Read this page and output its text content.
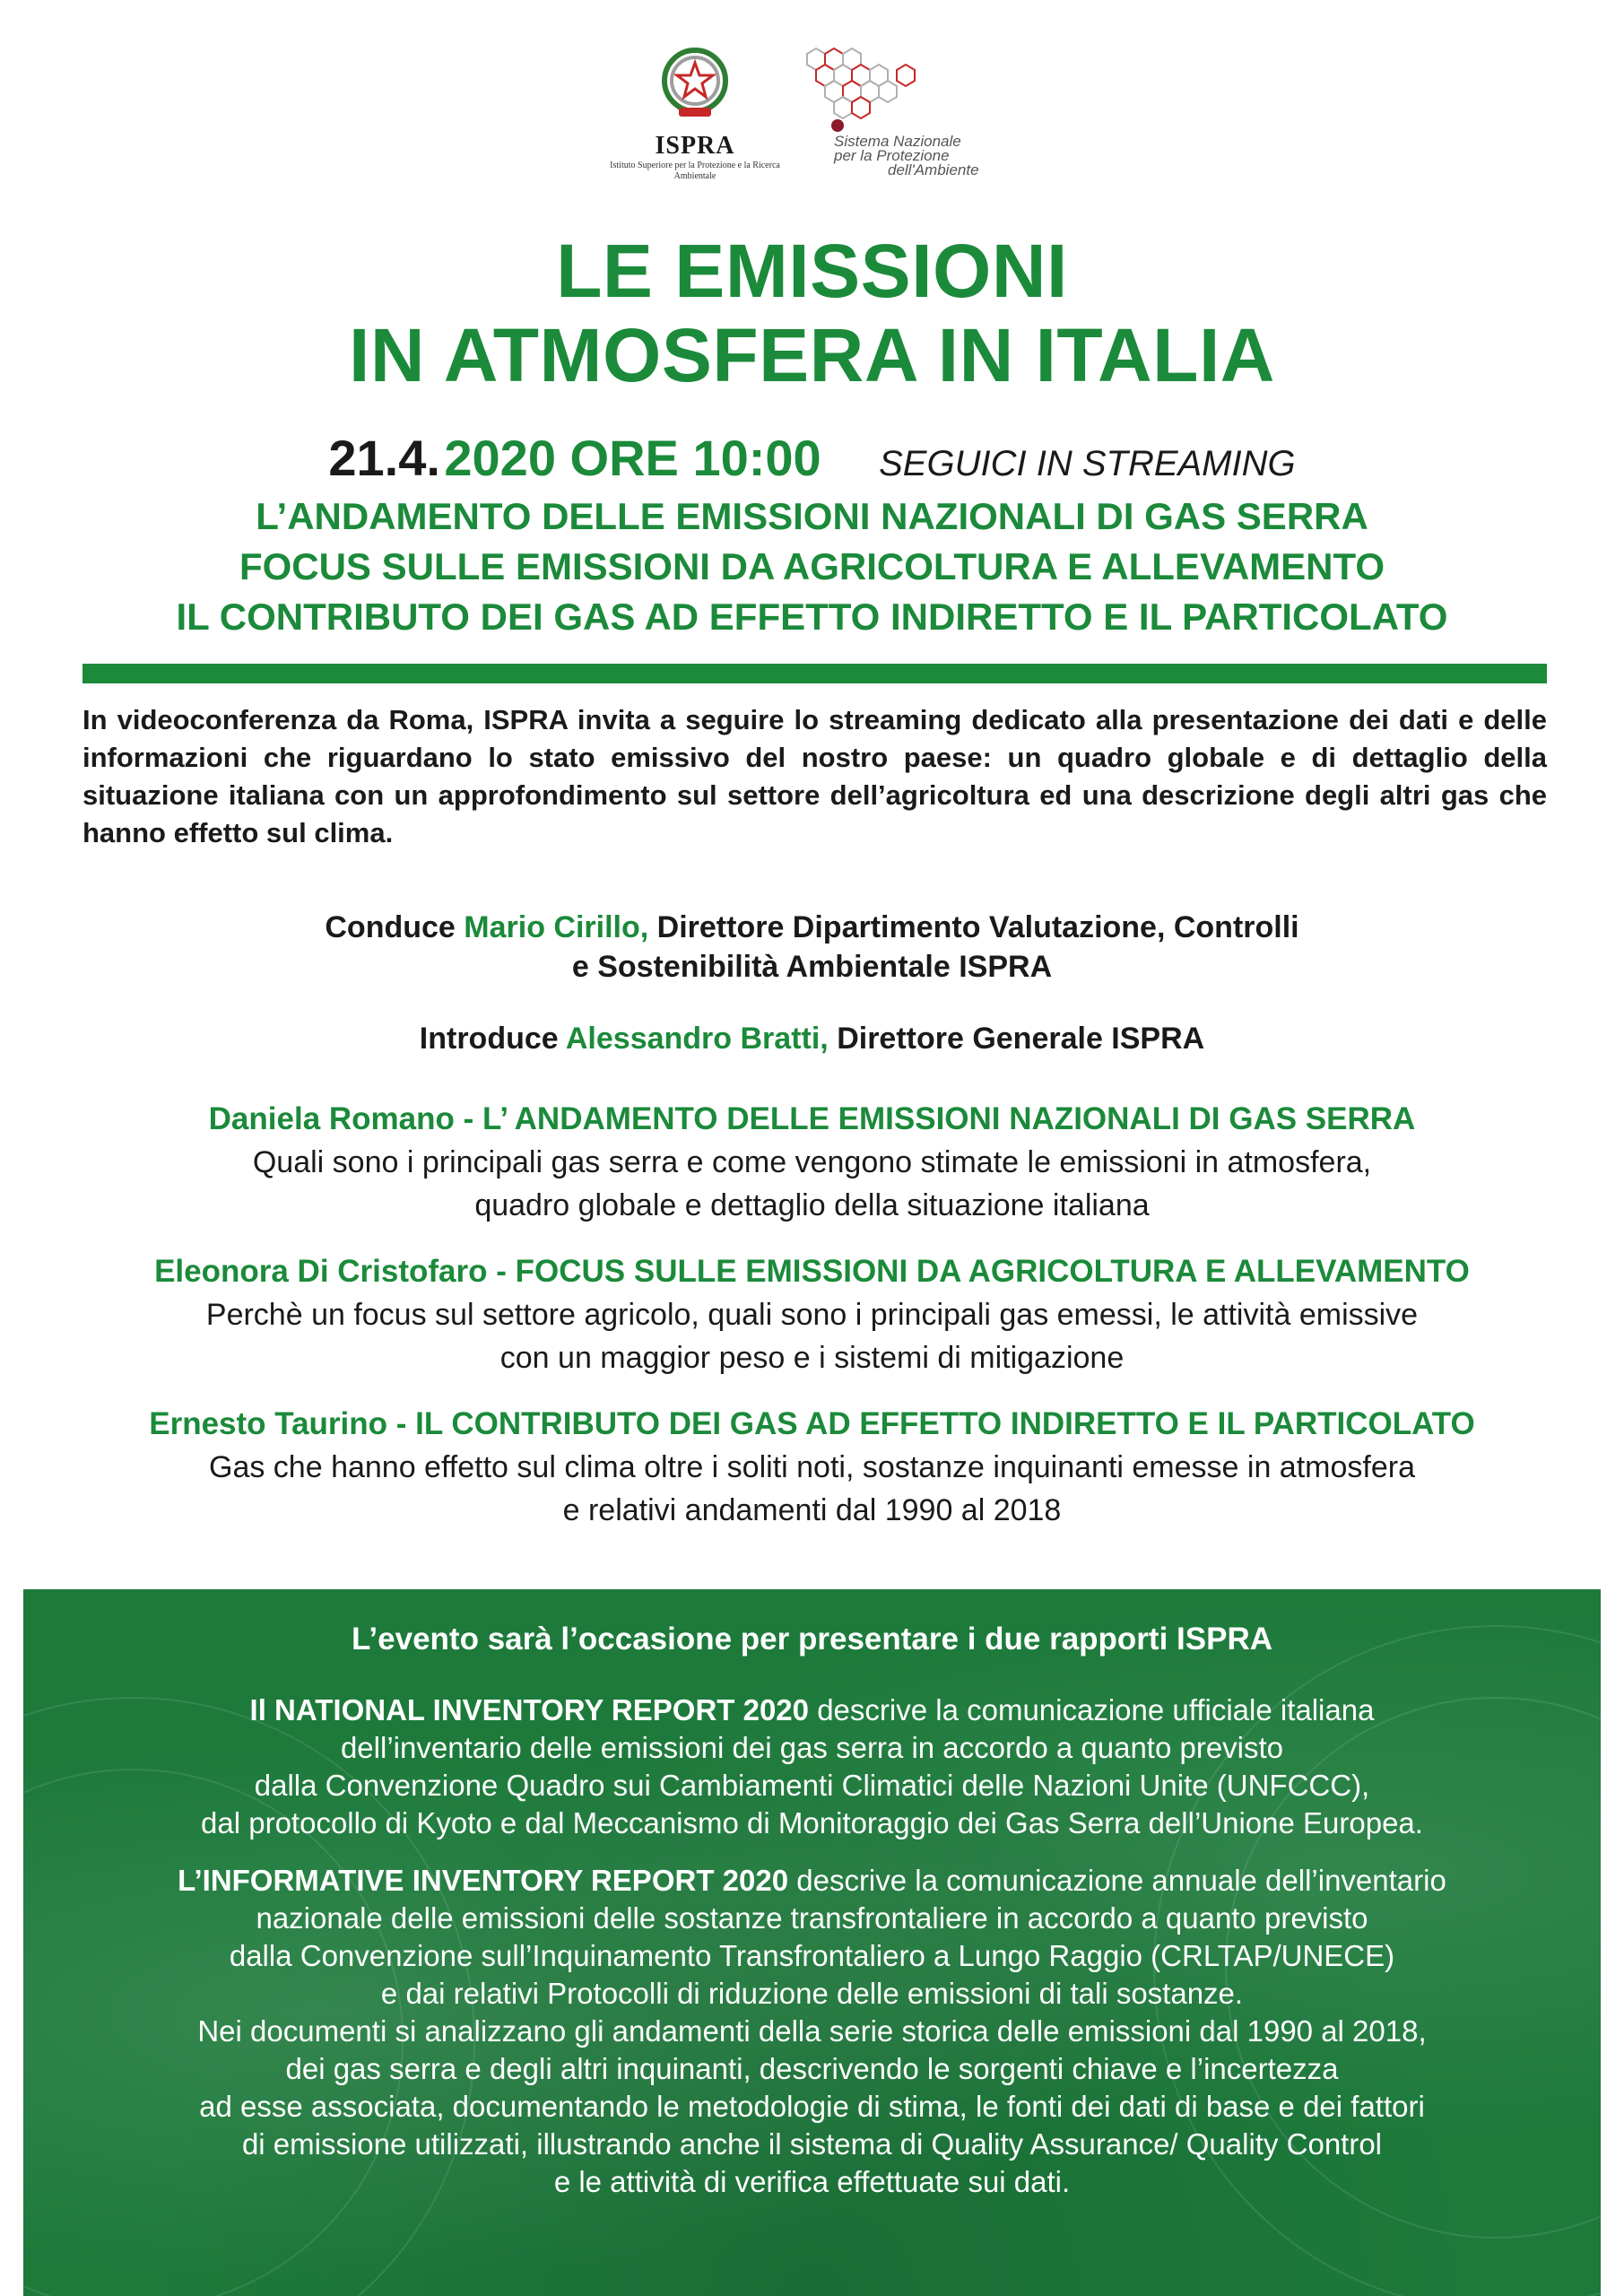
ISPRA
Istituto Superiore per la Protezione e la Ricerca Ambientale
Sistema Nazionale
per la Protezione
dell'Ambiente
LE EMISSIONI
IN ATMOSFERA IN ITALIA
21.4. 2020 ORE 10:00 SEGUICI IN STREAMING
L’ANDAMENTO DELLE EMISSIONI NAZIONALI DI GAS SERRA
FOCUS SULLE EMISSIONI DA AGRICOLTURA E ALLEVAMENTO
IL CONTRIBUTO DEI GAS AD EFFETTO INDIRETTO E IL PARTICOLATO
In videoconferenza da Roma, ISPRA invita a seguire lo streaming dedicato alla presentazione dei dati e delle informazioni che riguardano lo stato emissivo del nostro paese: un quadro globale e di dettaglio della situazione italiana con un approfondimento sul settore dell’agricoltura ed una descrizione degli altri gas che hanno effetto sul clima.
Conduce Mario Cirillo, Direttore Dipartimento Valutazione, Controlli
e Sostenibilità Ambientale ISPRA
Introduce Alessandro Bratti, Direttore Generale ISPRA
Daniela Romano - L’ ANDAMENTO DELLE EMISSIONI NAZIONALI DI GAS SERRA
Quali sono i principali gas serra e come vengono stimate le emissioni in atmosfera,
quadro globale e dettaglio della situazione italiana
Eleonora Di Cristofaro - FOCUS SULLE EMISSIONI DA AGRICOLTURA E ALLEVAMENTO
Perchè un focus sul settore agricolo, quali sono i principali gas emessi, le attività emissive
con un maggior peso e i sistemi di mitigazione
Ernesto Taurino - IL CONTRIBUTO DEI GAS AD EFFETTO INDIRETTO E IL PARTICOLATO
Gas che hanno effetto sul clima oltre i soliti noti, sostanze inquinanti emesse in atmosfera
e relativi andamenti dal 1990 al 2018
L’evento sarà l’occasione per presentare i due rapporti ISPRA
Il NATIONAL INVENTORY REPORT 2020 descrive la comunicazione ufficiale italiana
dell’inventario delle emissioni dei gas serra in accordo a quanto previsto
dalla Convenzione Quadro sui Cambiamenti Climatici delle Nazioni Unite (UNFCCC),
dal protocollo di Kyoto e dal Meccanismo di Monitoraggio dei Gas Serra dell’Unione Europea.
L’INFORMATIVE INVENTORY REPORT 2020 descrive la comunicazione annuale dell’inventario
nazionale delle emissioni delle sostanze transfrontaliere in accordo a quanto previsto
dalla Convenzione sull’Inquinamento Transfrontaliero a Lungo Raggio (CRLTAP/UNECE)
e dai relativi Protocolli di riduzione delle emissioni di tali sostanze.
Nei documenti si analizzano gli andamenti della serie storica delle emissioni dal 1990 al 2018,
dei gas serra e degli altri inquinanti, descrivendo le sorgenti chiave e l’incertezza
ad esse associata, documentando le metodologie di stima, le fonti dei dati di base e dei fattori
di emissione utilizzati, illustrando anche il sistema di Quality Assurance/ Quality Control
e le attività di verifica effettuate sui dati.
